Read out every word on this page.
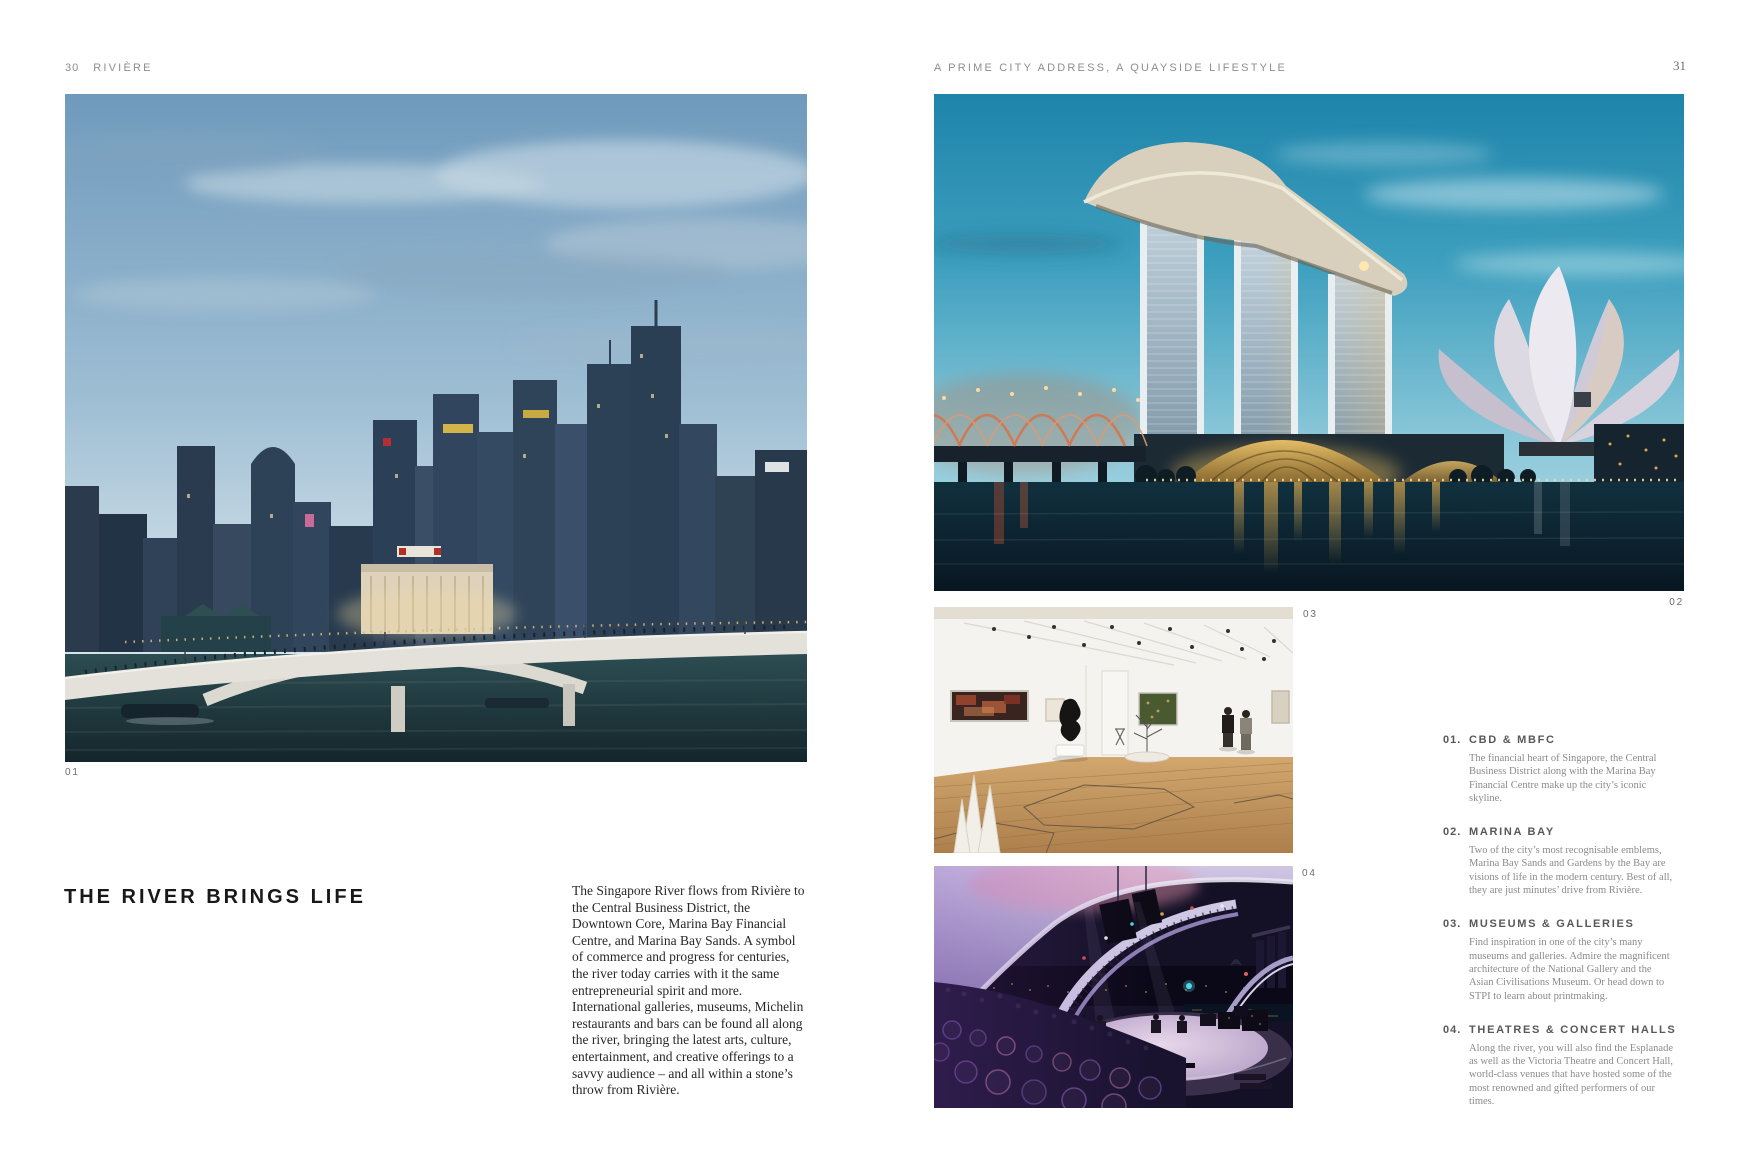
30 RIVIÈRE	A PRIME CITY ADDRESS, A QUAYSIDE LIFESTYLE	31
01
THE RIVER BRINGS LIFE	The Singapore River flows from Rivière to the Central Business District, the Downtown Core, Marina Bay Financial Centre, and Marina Bay Sands. A symbol of commerce and progress for centuries, the river today carries with it the same entrepreneurial spirit and more. International galleries, museums, Michelin restaurants and bars can be found all along the river, bringing the latest arts, culture, entertainment, and creative offerings to a savvy audience – and all within a stone’s throw from Rivière.
02
03
04
01. CBD & MBFC

The financial heart of Singapore, the Central Business District along with the Marina Bay Financial Centre make up the city’s iconic skyline.

02. MARINA BAY

Two of the city’s most recognisable emblems, Marina Bay Sands and Gardens by the Bay are visions of life in the modern century. Best of all, they are just minutes’ drive from Rivière.

03. MUSEUMS & GALLERIES

Find inspiration in one of the city’s many museums and galleries. Admire the magnificent architecture of the National Gallery and the Asian Civilisations Museum. Or head down to STPI to learn about printmaking.

04. THEATRES & CONCERT HALLS

Along the river, you will also find the Esplanade as well as the Victoria Theatre and Concert Hall, world-class venues that have hosted some of the most renowned and gifted performers of our times.
